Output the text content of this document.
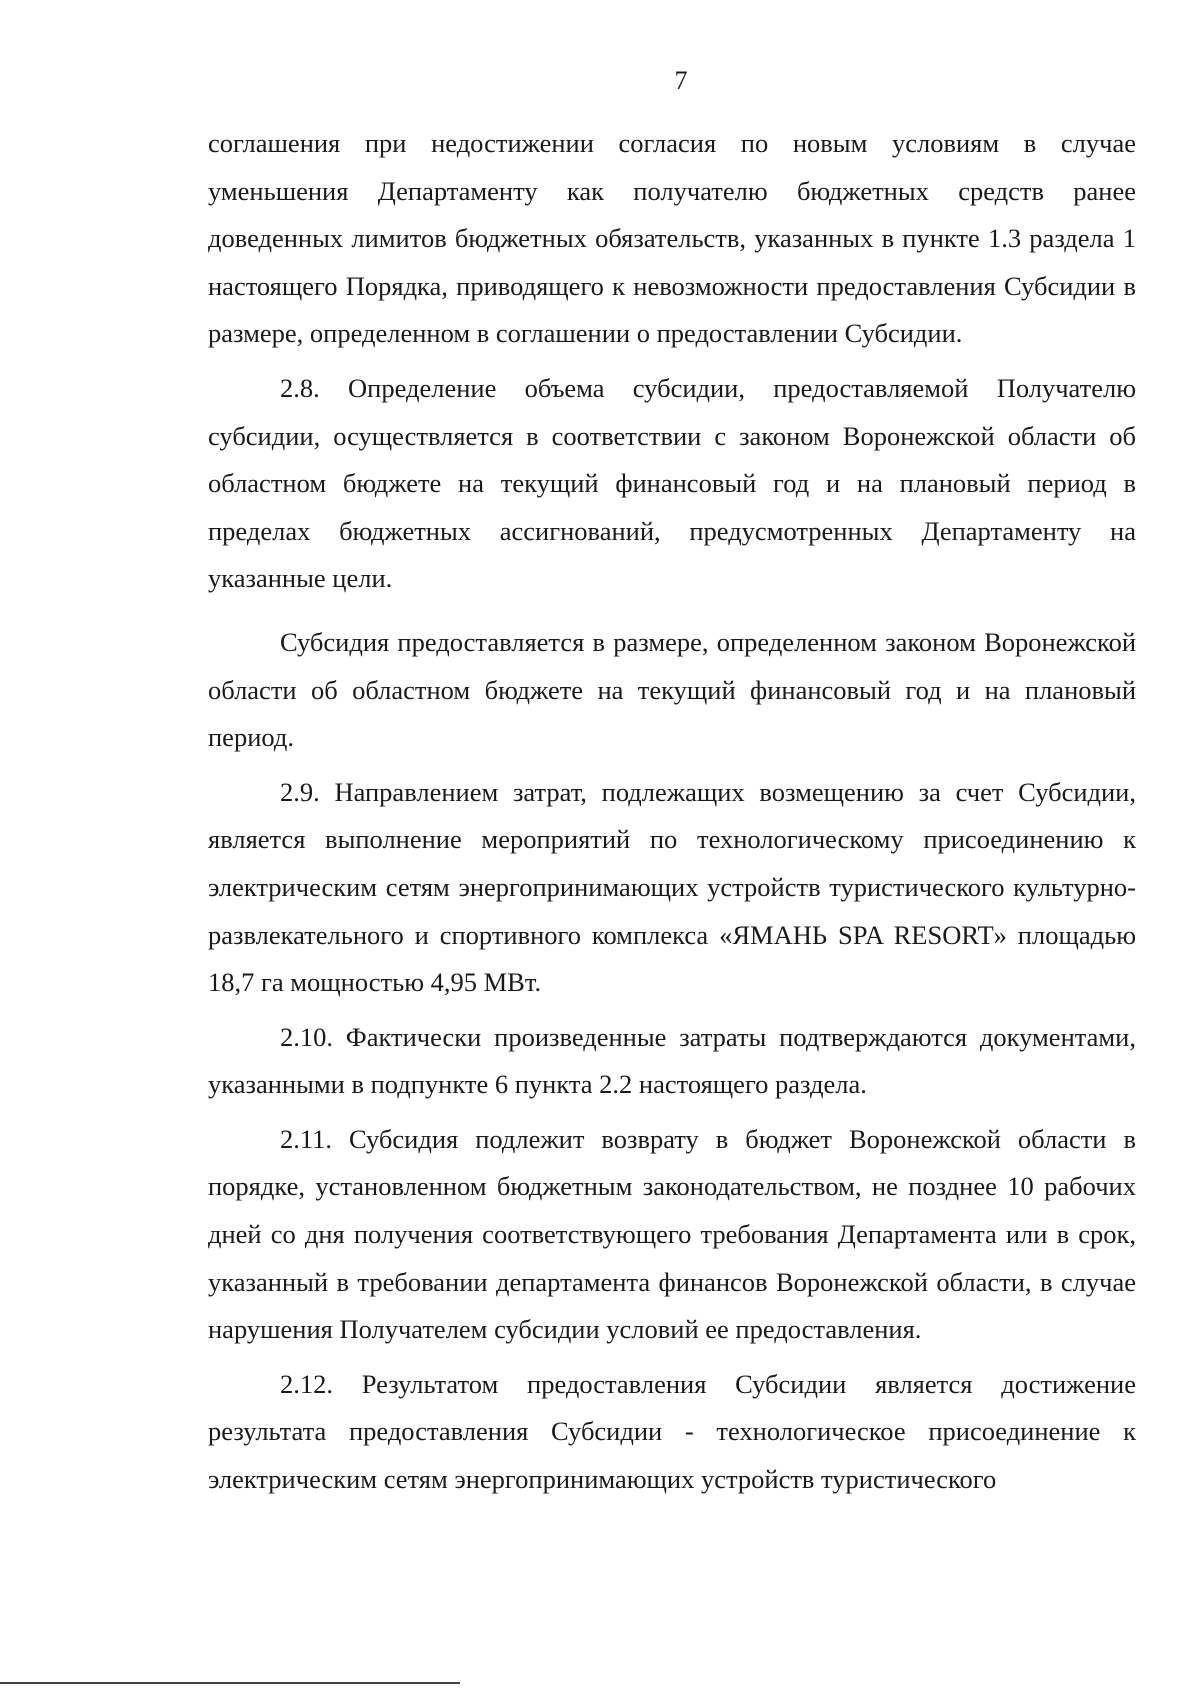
7

соглашения при недостижении согласия по новым условиям в случае уменьшения Департаменту как получателю бюджетных средств ранее доведенных лимитов бюджетных обязательств, указанных в пункте 1.3 раздела 1 настоящего Порядка, приводящего к невозможности предоставления Субсидии в размере, определенном в соглашении о предоставлении Субсидии.

2.8. Определение объема субсидии, предоставляемой Получателю субсидии, осуществляется в соответствии с законом Воронежской области об областном бюджете на текущий финансовый год и на плановый период в пределах бюджетных ассигнований, предусмотренных Департаменту на указанные цели.

Субсидия предоставляется в размере, определенном законом Воронежской области об областном бюджете на текущий финансовый год и на плановый период.

2.9. Направлением затрат, подлежащих возмещению за счет Субсидии, является выполнение мероприятий по технологическому присоединению к электрическим сетям энергопринимающих устройств туристического культурно-развлекательного и спортивного комплекса «ЯМАНЬ SPA RESORT» площадью 18,7 га мощностью 4,95 МВт.

2.10. Фактически произведенные затраты подтверждаются документами, указанными в подпункте 6 пункта 2.2 настоящего раздела.

2.11. Субсидия подлежит возврату в бюджет Воронежской области в порядке, установленном бюджетным законодательством, не позднее 10 рабочих дней со дня получения соответствующего требования Департамента или в срок, указанный в требовании департамента финансов Воронежской области, в случае нарушения Получателем субсидии условий ее предоставления.

2.12. Результатом предоставления Субсидии является достижение результата предоставления Субсидии - технологическое присоединение к электрическим сетям энергопринимающих устройств туристического
